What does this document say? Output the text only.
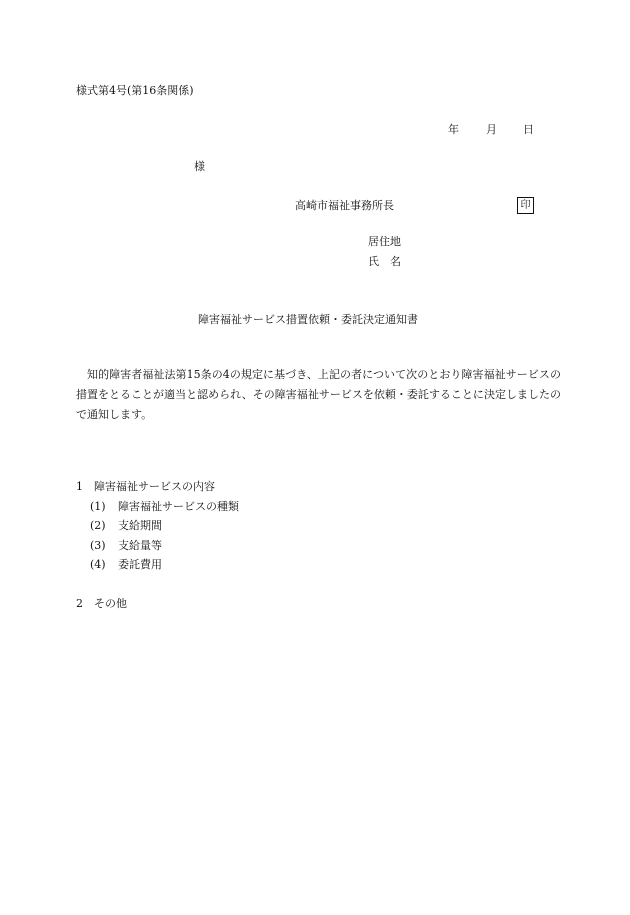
様式第4号(第16条関係)
年 月 日
様
高崎市福祉事務所長	印
居住地
氏　名
障害福祉サービス措置依頼・委託決定通知書
知的障害者福祉法第15条の4の規定に基づき、上記の者について次のとおり障害福祉サービスの措置をとることが適当と認められ、その障害福祉サービスを依頼・委託することに決定しましたので通知します。
1　障害福祉サービスの内容
(1) 障害福祉サービスの種類
(2) 支給期間
(3) 支給量等
(4) 委託費用
2　その他
